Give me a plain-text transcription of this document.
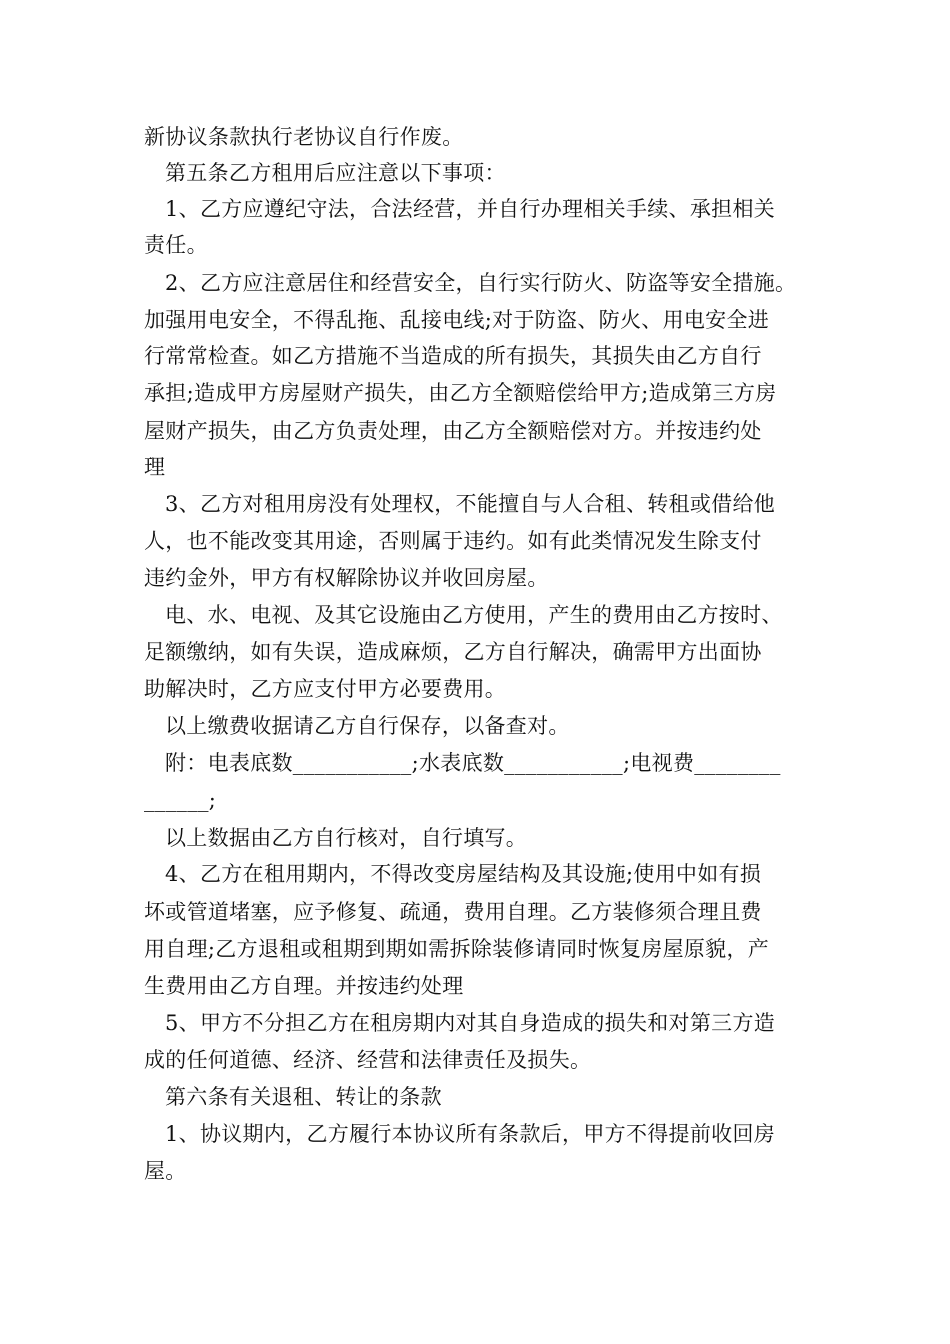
新协议条款执行老协议自行作废。
第五条乙方租用后应注意以下事项：
1、乙方应遵纪守法，合法经营，并自行办理相关手续、承担相关
责任。
2、乙方应注意居住和经营安全，自行实行防火、防盗等安全措施。
加强用电安全，不得乱拖、乱接电线;对于防盗、防火、用电安全进
行常常检查。如乙方措施不当造成的所有损失，其损失由乙方自行
承担;造成甲方房屋财产损失，由乙方全额赔偿给甲方;造成第三方房
屋财产损失，由乙方负责处理，由乙方全额赔偿对方。并按违约处
理
3、乙方对租用房没有处理权，不能擅自与人合租、转租或借给他
人，也不能改变其用途，否则属于违约。如有此类情况发生除支付
违约金外，甲方有权解除协议并收回房屋。
电、水、电视、及其它设施由乙方使用，产生的费用由乙方按时、
足额缴纳，如有失误，造成麻烦，乙方自行解决，确需甲方出面协
助解决时，乙方应支付甲方必要费用。
以上缴费收据请乙方自行保存，以备查对。
附：电表底数___________;水表底数___________;电视费________
______;
以上数据由乙方自行核对，自行填写。
4、乙方在租用期内，不得改变房屋结构及其设施;使用中如有损
坏或管道堵塞，应予修复、疏通，费用自理。乙方装修须合理且费
用自理;乙方退租或租期到期如需拆除装修请同时恢复房屋原貌，产
生费用由乙方自理。并按违约处理
5、甲方不分担乙方在租房期内对其自身造成的损失和对第三方造
成的任何道德、经济、经营和法律责任及损失。
第六条有关退租、转让的条款
1、协议期内，乙方履行本协议所有条款后，甲方不得提前收回房
屋。
